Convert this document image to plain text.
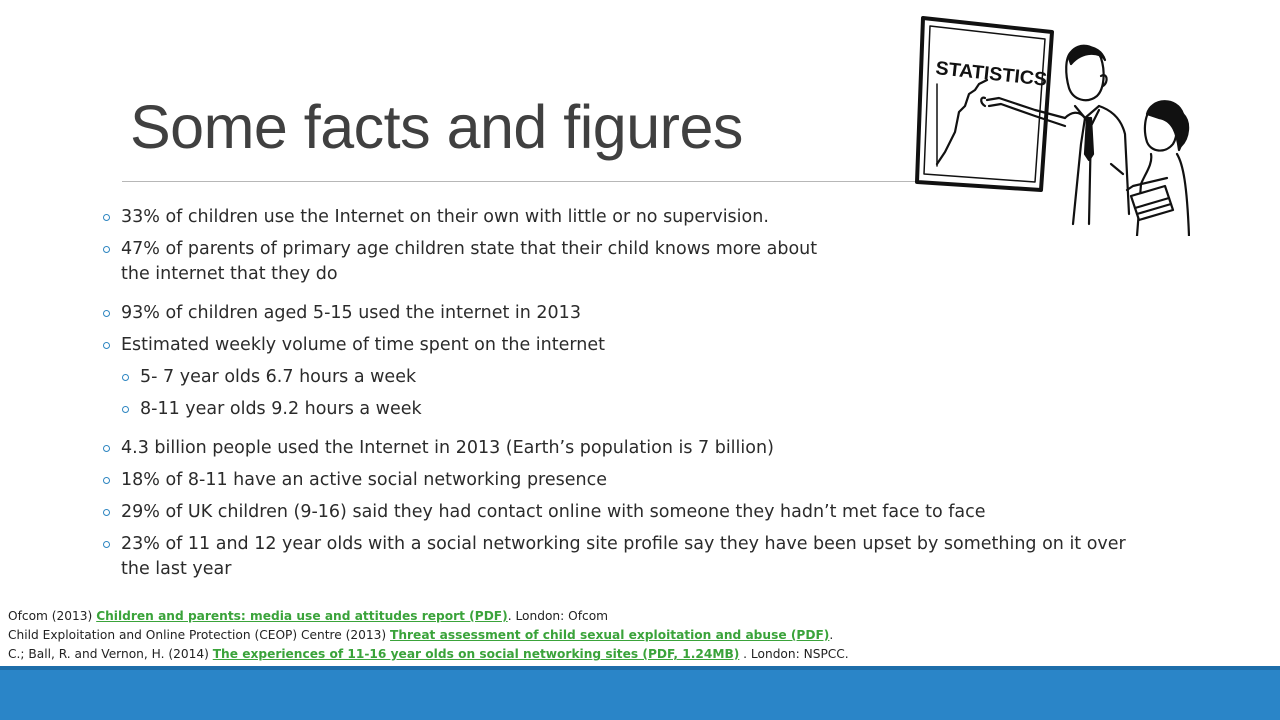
Some facts and figures
STATISTICS
33% of children use the Internet on their own with little or no supervision.
47% of parents of primary age children state that their child knows more about the internet that they do
93% of children aged 5-15 used the internet in 2013
Estimated weekly volume of time spent on the internet
5- 7 year olds 6.7 hours a week
8-11 year olds 9.2 hours a week
4.3 billion people used the Internet in 2013 (Earth’s population is 7 billion)
18% of 8-11 have an active social networking presence
29% of UK children (9-16) said they had contact online with someone they hadn’t met face to face
23% of 11 and 12 year olds with a social networking site profile say they have been upset by something on it over the last year
Ofcom (2013) Children and parents: media use and attitudes report (PDF). London: Ofcom
Child Exploitation and Online Protection (CEOP) Centre (2013) Threat assessment of child sexual exploitation and abuse (PDF).
C.; Ball, R. and Vernon, H. (2014) The experiences of 11-16 year olds on social networking sites (PDF, 1.24MB) . London: NSPCC.
